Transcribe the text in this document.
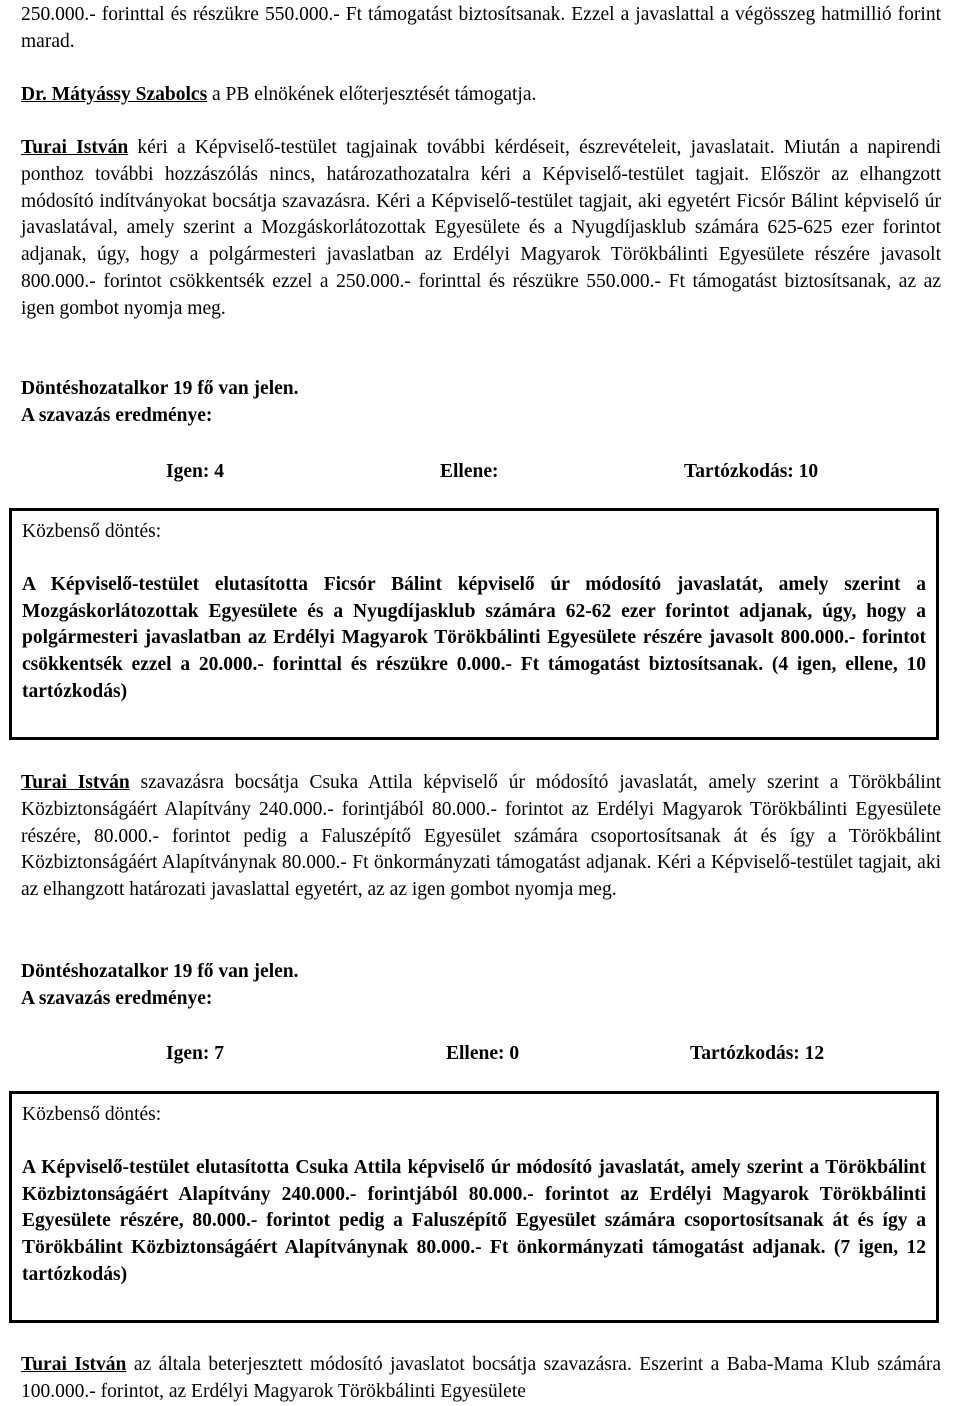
250.000.- forinttal és részükre 550.000.- Ft támogatást biztosítsanak. Ezzel a javaslattal a végösszeg hatmillió forint marad.

Dr. Mátyássy Szabolcs a PB elnökének előterjesztését támogatja.

Turai István kéri a Képviselő-testület tagjainak további kérdéseit, észrevételeit, javaslatait. Miután a napirendi ponthoz további hozzászólás nincs, határozathozatalra kéri a Képviselő-testület tagjait. Először az elhangzott módosító indítványokat bocsátja szavazásra. Kéri a Képviselő-testület tagjait, aki egyetért Ficsór Bálint képviselő úr javaslatával, amely szerint a Mozgáskorlátozottak Egyesülete és a Nyugdíjasklub számára 625-625 ezer forintot adjanak, úgy, hogy a polgármesteri javaslatban az Erdélyi Magyarok Törökbálinti Egyesülete részére javasolt 800.000.- forintot csökkentsék ezzel a 250.000.- forinttal és részükre 550.000.- Ft támogatást biztosítsanak, az az igen gombot nyomja meg.

Döntéshozatalkor 19 fő van jelen.

A szavazás eredménye:

Igen: 4	Ellene:	Tartózkodás: 10

Közbenső döntés:

A Képviselő-testület elutasította Ficsór Bálint képviselő úr módosító javaslatát, amely szerint a Mozgáskorlátozottak Egyesülete és a Nyugdíjasklub számára 62-62 ezer forintot adjanak, úgy, hogy a polgármesteri javaslatban az Erdélyi Magyarok Törökbálinti Egyesülete részére javasolt 800.000.- forintot csökkentsék ezzel a 20.000.- forinttal és részükre 0.000.- Ft támogatást biztosítsanak. (4 igen, ellene, 10 tartózkodás)

Turai István szavazásra bocsátja Csuka Attila képviselő úr módosító javaslatát, amely szerint a Törökbálint Közbiztonságáért Alapítvány 240.000.- forintjából 80.000.- forintot az Erdélyi Magyarok Törökbálinti Egyesülete részére, 80.000.- forintot pedig a Faluszépítő Egyesület számára csoportosítsanak át és így a Törökbálint Közbiztonságáért Alapítványnak 80.000.- Ft önkormányzati támogatást adjanak. Kéri a Képviselő-testület tagjait, aki az elhangzott határozati javaslattal egyetért, az az igen gombot nyomja meg.

Döntéshozatalkor 19 fő van jelen.

A szavazás eredménye:

Igen: 7	Ellene: 0	Tartózkodás: 12

Közbenső döntés:

A Képviselő-testület elutasította Csuka Attila képviselő úr módosító javaslatát, amely szerint a Törökbálint Közbiztonságáért Alapítvány 240.000.- forintjából 80.000.- forintot az Erdélyi Magyarok Törökbálinti Egyesülete részére, 80.000.- forintot pedig a Faluszépítő Egyesület számára csoportosítsanak át és így a Törökbálint Közbiztonságáért Alapítványnak 80.000.- Ft önkormányzati támogatást adjanak. (7 igen, 12 tartózkodás)

Turai István az általa beterjesztett módosító javaslatot bocsátja szavazásra. Eszerint a Baba-Mama Klub számára 100.000.- forintot, az Erdélyi Magyarok Törökbálinti Egyesülete
